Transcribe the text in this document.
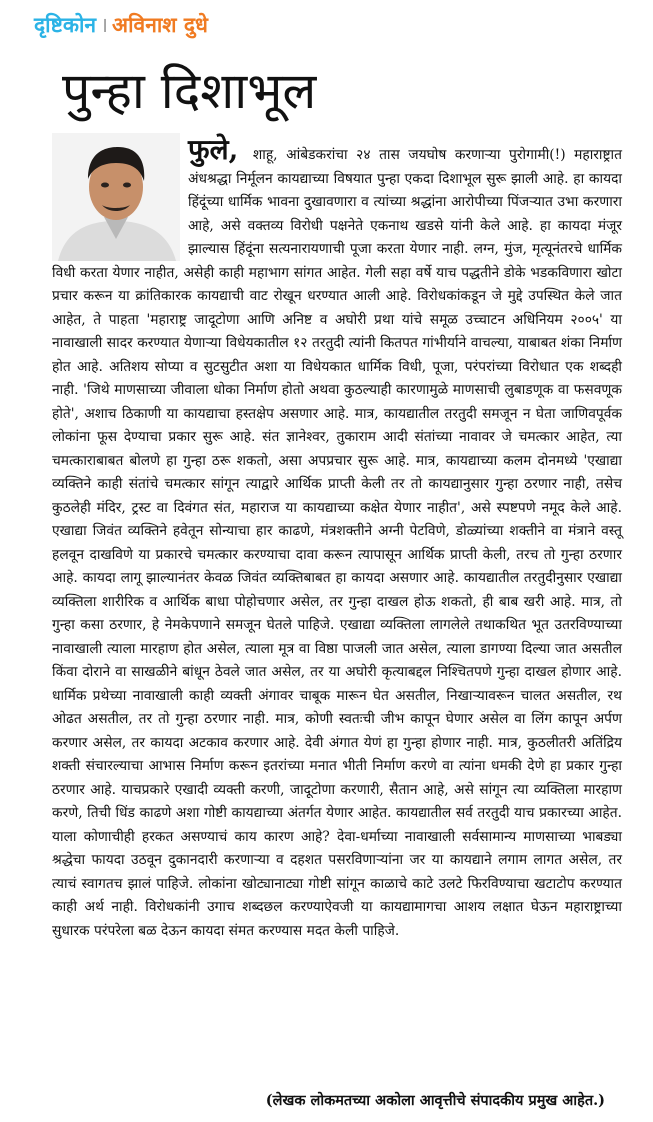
दृष्टिकोन । अविनाश दुधे
पुन्हा दिशाभूल

फुले, शाहू, आंबेडकरांचा २४ तास जयघोष करणाऱ्या पुरोगामी(!) महाराष्ट्रात अंधश्रद्धा निर्मूलन कायद्याच्या विषयात पुन्हा एकदा दिशाभूल सुरू झाली आहे. हा कायदा हिंदूंच्या धार्मिक भावना दुखावणारा व त्यांच्या श्रद्धांना आरोपीच्या पिंजऱ्यात उभा करणारा आहे, असे वक्तव्य विरोधी पक्षनेते एकनाथ खडसे यांनी केले आहे. हा कायदा मंजूर झाल्यास हिंदूंना सत्यनारायणाची पूजा करता येणार नाही. लग्न, मुंज, मृत्यूनंतरचे धार्मिक विधी करता येणार नाहीत, असेही काही महाभाग सांगत आहेत. गेली सहा वर्षे याच पद्धतीने डोके भडकविणारा खोटा प्रचार करून या क्रांतिकारक कायद्याची वाट रोखून धरण्यात आली आहे. विरोधकांकडून जे मुद्दे उपस्थित केले जात आहेत, ते पाहता 'महाराष्ट्र जादूटोणा आणि अनिष्ट व अघोरी प्रथा यांचे समूळ उच्चाटन अधिनियम २००५' या नावाखाली सादर करण्यात येणाऱ्या विधेयकातील १२ तरतुदी त्यांनी कितपत गांभीर्याने वाचल्या, याबाबत शंका निर्माण होत आहे. अतिशय सोप्या व सुटसुटीत अशा या विधेयकात धार्मिक विधी, पूजा, परंपरांच्या विरोधात एक शब्दही नाही. 'जिथे माणसाच्या जीवाला धोका निर्माण होतो अथवा कुठल्याही कारणामुळे माणसाची लुबाडणूक वा फसवणूक होते', अशाच ठिकाणी या कायद्याचा हस्तक्षेप असणार आहे. मात्र, कायद्यातील तरतुदी समजून न घेता जाणिवपूर्वक लोकांना फूस देण्याचा प्रकार सुरू आहे. संत ज्ञानेश्वर, तुकाराम आदी संतांच्या नावावर जे चमत्कार आहेत, त्या चमत्काराबाबत बोलणे हा गुन्हा ठरू शकतो, असा अपप्रचार सुरू आहे. मात्र, कायद्याच्या कलम दोनमध्ये 'एखाद्या व्यक्तिने काही संतांचे चमत्कार सांगून त्याद्वारे आर्थिक प्राप्ती केली तर तो कायद्यानुसार गुन्हा ठरणार नाही, तसेच कुठलेही मंदिर, ट्रस्ट वा दिवंगत संत, महाराज या कायद्याच्या कक्षेत येणार नाहीत', असे स्पष्टपणे नमूद केले आहे. एखाद्या जिवंत व्यक्तिने हवेतून सोन्याचा हार काढणे, मंत्रशक्तीने अग्नी पेटविणे, डोळ्यांच्या शक्तीने वा मंत्राने वस्तू हलवून दाखविणे या प्रकारचे चमत्कार करण्याचा दावा करून त्यापासून आर्थिक प्राप्ती केली, तरच तो गुन्हा ठरणार आहे. कायदा लागू झाल्यानंतर केवळ जिवंत व्यक्तिबाबत हा कायदा असणार आहे. कायद्यातील तरतुदीनुसार एखाद्या व्यक्तिला शारीरिक व आर्थिक बाधा पोहोचणार असेल, तर गुन्हा दाखल होऊ शकतो, ही बाब खरी आहे. मात्र, तो गुन्हा कसा ठरणार, हे नेमकेपणाने समजून घेतले पाहिजे. एखाद्या व्यक्तिला लागलेले तथाकथित भूत उतरविण्याच्या नावाखाली त्याला मारहाण होत असेल, त्याला मूत्र वा विष्ठा पाजली जात असेल, त्याला डागण्या दिल्या जात असतील किंवा दोराने वा साखळीने बांधून ठेवले जात असेल, तर या अघोरी कृत्याबद्दल निश्चितपणे गुन्हा दाखल होणार आहे. धार्मिक प्रथेच्या नावाखाली काही व्यक्ती अंगावर चाबूक मारून घेत असतील, निखाऱ्यावरून चालत असतील, रथ ओढत असतील, तर तो गुन्हा ठरणार नाही. मात्र, कोणी स्वतःची जीभ कापून घेणार असेल वा लिंग कापून अर्पण करणार असेल, तर कायदा अटकाव करणार आहे. देवी अंगात येणं हा गुन्हा होणार नाही. मात्र, कुठलीतरी अतिंद्रिय शक्ती संचारल्याचा आभास निर्माण करून इतरांच्या मनात भीती निर्माण करणे वा त्यांना धमकी देणे हा प्रकार गुन्हा ठरणार आहे. याचप्रकारे एखादी व्यक्ती करणी, जादूटोणा करणारी, सैतान आहे, असे सांगून त्या व्यक्तिला मारहाण करणे, तिची धिंड काढणे अशा गोष्टी कायद्याच्या अंतर्गत येणार आहेत. कायद्यातील सर्व तरतुदी याच प्रकारच्या आहेत. याला कोणाचीही हरकत असण्याचं काय कारण आहे? देवा-धर्माच्या नावाखाली सर्वसामान्य माणसाच्या भाबड्या श्रद्धेचा फायदा उठवून दुकानदारी करणाऱ्या व दहशत पसरविणाऱ्यांना जर या कायद्याने लगाम लागत असेल, तर त्याचं स्वागतच झालं पाहिजे. लोकांना खोट्यानाट्या गोष्टी सांगून काळाचे काटे उलटे फिरविण्याचा खटाटोप करण्यात काही अर्थ नाही. विरोधकांनी उगाच शब्दछल करण्याऐवजी या कायद्यामागचा आशय लक्षात घेऊन महाराष्ट्राच्या सुधारक परंपरेला बळ देऊन कायदा संमत करण्यास मदत केली पाहिजे.

(लेखक लोकमतच्या अकोला आवृत्तीचे संपादकीय प्रमुख आहेत.)
